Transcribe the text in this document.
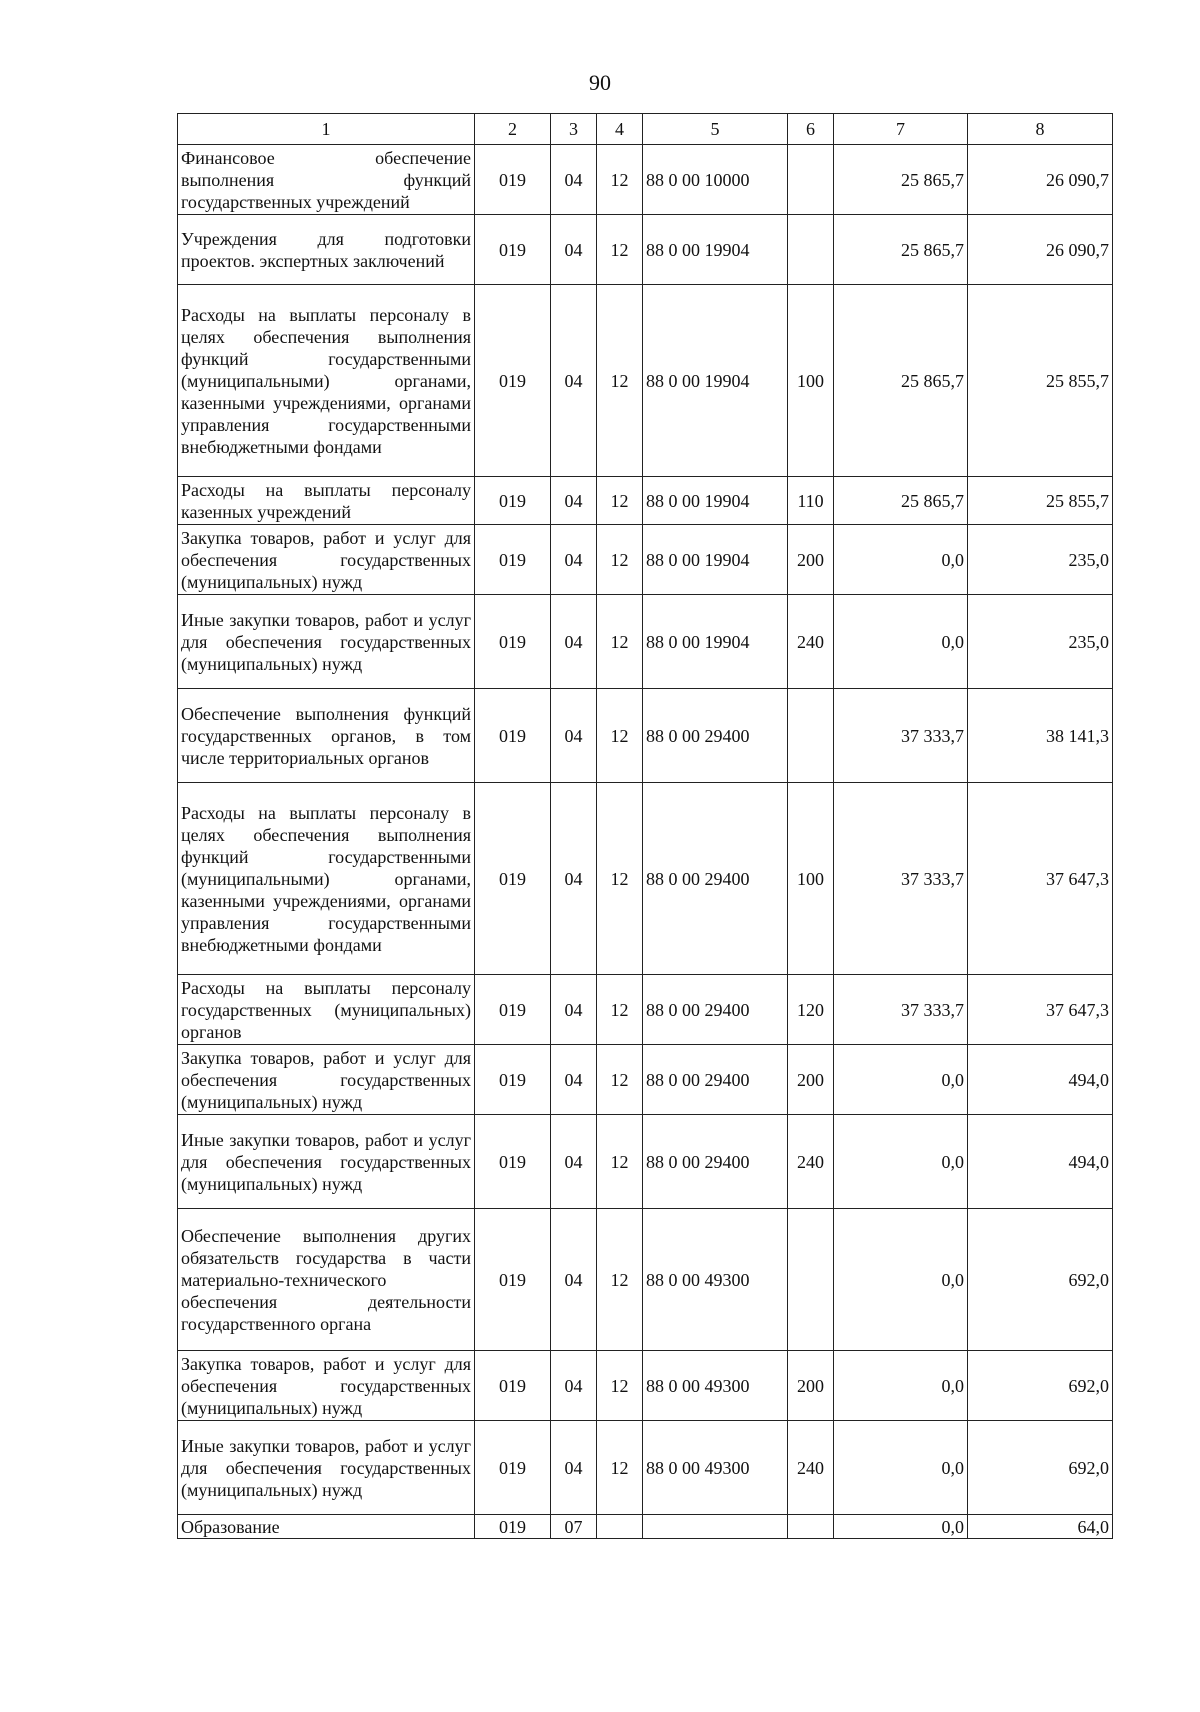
90
1	2	3	4	5	6	7	8
Финансовое обеспечение выполнения функций государственных учреждений	019	04	12	88 0 00 10000		25 865,7	26 090,7
Учреждения для подготовки проектов. экспертных заключений	019	04	12	88 0 00 19904		25 865,7	26 090,7
Расходы на выплаты персоналу в целях обеспечения выполнения функций государственными (муниципальными) органами, казенными учреждениями, органами управления государственными внебюджетными фондами	019	04	12	88 0 00 19904	100	25 865,7	25 855,7
Расходы на выплаты персоналу казенных учреждений	019	04	12	88 0 00 19904	110	25 865,7	25 855,7
Закупка товаров, работ и услуг для обеспечения государственных (муниципальных) нужд	019	04	12	88 0 00 19904	200	0,0	235,0
Иные закупки товаров, работ и услуг для обеспечения государственных (муниципальных) нужд	019	04	12	88 0 00 19904	240	0,0	235,0
Обеспечение выполнения функций государственных органов, в том числе территориальных органов	019	04	12	88 0 00 29400		37 333,7	38 141,3
Расходы на выплаты персоналу в целях обеспечения выполнения функций государственными (муниципальными) органами, казенными учреждениями, органами управления государственными внебюджетными фондами	019	04	12	88 0 00 29400	100	37 333,7	37 647,3
Расходы на выплаты персоналу государственных (муниципальных) органов	019	04	12	88 0 00 29400	120	37 333,7	37 647,3
Закупка товаров, работ и услуг для обеспечения государственных (муниципальных) нужд	019	04	12	88 0 00 29400	200	0,0	494,0
Иные закупки товаров, работ и услуг для обеспечения государственных (муниципальных) нужд	019	04	12	88 0 00 29400	240	0,0	494,0
Обеспечение выполнения других обязательств государства в части материально-технического обеспечения деятельности государственного органа	019	04	12	88 0 00 49300		0,0	692,0
Закупка товаров, работ и услуг для обеспечения государственных (муниципальных) нужд	019	04	12	88 0 00 49300	200	0,0	692,0
Иные закупки товаров, работ и услуг для обеспечения государственных (муниципальных) нужд	019	04	12	88 0 00 49300	240	0,0	692,0
Образование	019	07				0,0	64,0
